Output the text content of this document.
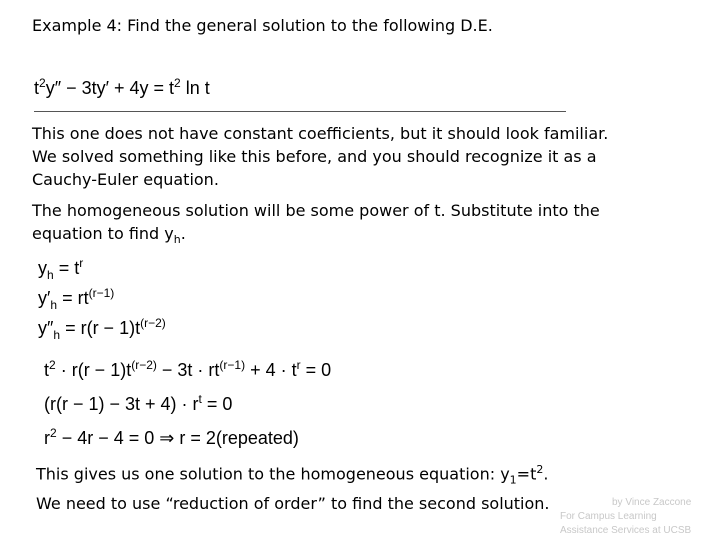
Example 4: Find the general solution to the following D.E.
$t^2y'' - 3ty' + 4y = t^2$ ln t
This one does not have constant coefficients, but it should look familiar.
We solved something like this before, and you should recognize it as a
Cauchy-Euler equation.
The homogeneous solution will be some power of t. Substitute into the
equation to find $y_h$.
$y_h = t^r$
$y'_h = rt^{(r-1)}$
$y''_h = r(r - 1)t^{(r-2)}$
$t^2 \cdot r(r - 1)t^{(r-2)} - 3t \cdot rt^{(r-1)} + 4 \cdot t^r = 0$
$(r(r - 1) - 3t + 4) \cdot r^t = 0$
$r^2 - 4r - 4 = 0$ ⇒ r = 2(repeated)
This gives us one solution to the homogeneous equation: $y_1=t^2$.
by Vince Zaccone
For Campus Learning
Assistance Services at UCSB
We need to use “reduction of order” to find the second solution.
